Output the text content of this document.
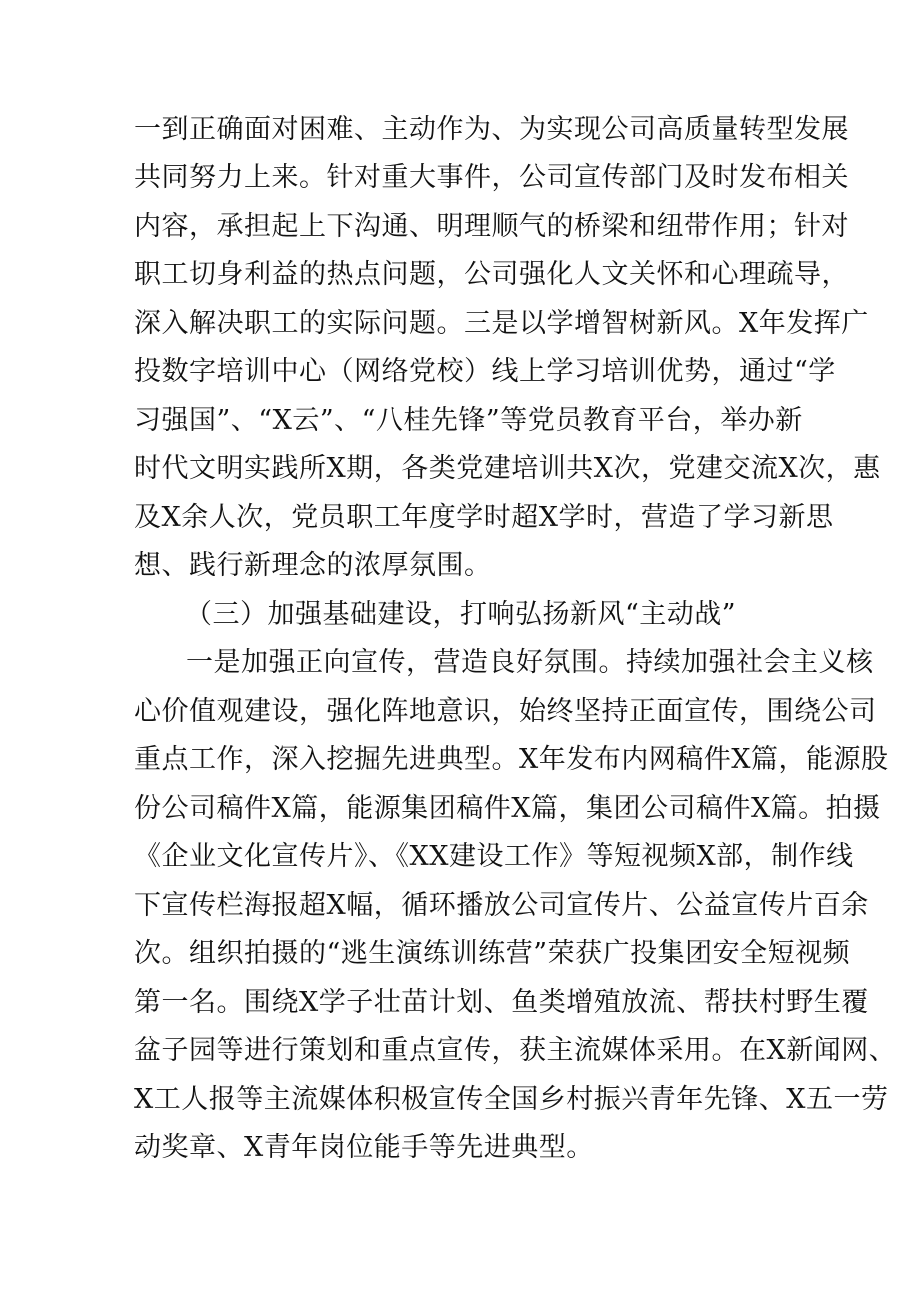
一到正确面对困难、主动作为、为实现公司高质量转型发展
共同努力上来。针对重大事件，公司宣传部门及时发布相关
内容，承担起上下沟通、明理顺气的桥梁和纽带作用；针对
职工切身利益的热点问题，公司强化人文关怀和心理疏导，
深入解决职工的实际问题。三是以学增智树新风。X年发挥广
投数字培训中心（网络党校）线上学习培训优势，通过“学
习强国”、“X云”、“八桂先锋”等党员教育平台，举办新
时代文明实践所X期，各类党建培训共X次，党建交流X次，惠
及X余人次，党员职工年度学时超X学时，营造了学习新思
想、践行新理念的浓厚氛围。
（三）加强基础建设，打响弘扬新风“主动战”
一是加强正向宣传，营造良好氛围。持续加强社会主义核
心价值观建设，强化阵地意识，始终坚持正面宣传，围绕公司
重点工作，深入挖掘先进典型。X年发布内网稿件X篇，能源股
份公司稿件X篇，能源集团稿件X篇，集团公司稿件X篇。拍摄
《企业文化宣传片》、《XX建设工作》等短视频X部，制作线
下宣传栏海报超X幅，循环播放公司宣传片、公益宣传片百余
次。组织拍摄的“逃生演练训练营”荣获广投集团安全短视频
第一名。围绕X学子壮苗计划、鱼类增殖放流、帮扶村野生覆
盆子园等进行策划和重点宣传，获主流媒体采用。在X新闻网、
X工人报等主流媒体积极宣传全国乡村振兴青年先锋、X五一劳
动奖章、X青年岗位能手等先进典型。
